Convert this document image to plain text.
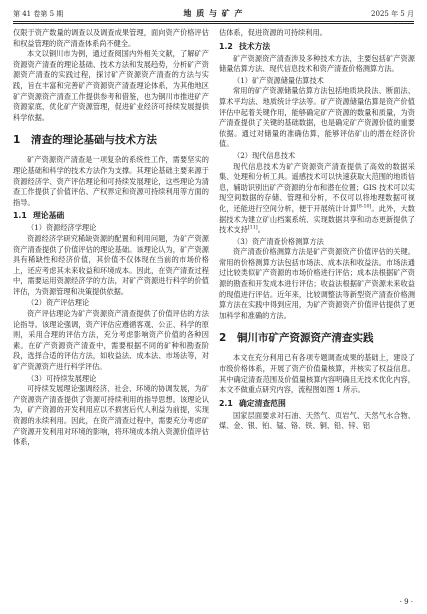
第 41 卷第 5 期	地 质 与 矿 产	2025 年 5 月

仅限于资产数量的调查以及调查成果管理，面向资产价格评估和权益管理的资产清查体系尚不健全。

本文以铜川市为例，通过查阅国内外相关文献，了解矿产资源资产清查的理论基础、技术方法和发展趋势，分析矿产资源资产清查的实践过程，探讨矿产资源资产清查的方法与实践，旨在丰富和完善矿产资源资产清查理论体系，为其他地区矿产资源资产清查工作提供参考和借鉴，也为铜川市推进矿产资源家底、优化矿产资源管理，促进矿业经济可持续发展提供科学依据。

1 清查的理论基础与技术方法

矿产资源资产清查是一项复杂的系统性工作，需要坚实的理论基础和科学的技术方法作为支撑。其理论基础主要来源于资源经济学、资产评估理论和可持续发展理论，这些理论为清查工作提供了价值评估、产权界定和资源可持续利用等方面的指导。

1.1 理论基础

（1）资源经济学理论

资源经济学研究稀缺资源的配置和利用问题，为矿产资源资产清查提供了价值评估的理论基础。该理论认为，矿产资源具有稀缺性和经济价值，其价值不仅体现在当前的市场价格上，还应考虑其未来收益和环境成本。因此，在资产清查过程中，需要运用资源经济学的方法，对矿产资源进行科学的价值评估，为资源管理和决策提供依据。

（2）资产评估理论

资产评估理论为矿产资源资产清查提供了价值评估的方法论指导。该理论强调，资产评估应遵循客观、公正、科学的原则，采用合理的评估方法，充分考虑影响资产价值的各种因素。在矿产资源资产清查中，需要根据不同的矿种和勘查阶段，选择合适的评估方法，如收益法、成本法、市场法等，对矿产资源资产进行科学评估。

（3）可持续发展理论

可持续发展理论强调经济、社会、环境的协调发展，为矿产资源资产清查提供了资源可持续利用的指导思想。该理论认为，矿产资源的开发利用应以不损害后代人利益为前提，实现资源的永续利用。因此，在资产清查过程中，需要充分考虑矿产资源开发利用对环境的影响，将环境成本纳入资源价值评估体系，

估体系，促进资源的可持续利用。

1.2 技术方法

矿产资源资产清查涉及多种技术方法，主要包括矿产资源储量估算方法、现代信息技术和资产清查价格测算方法。

（1）矿产资源储量估算技术

常用的矿产资源储量估算方法包括地质块段法、断面法、算术平均法、地质统计学法等。矿产资源储量估算是资产价值评估中起着关键作用，能够确定矿产资源的数量和质量，为资产清查提供了关键的基础数据，也是确定矿产资源价值的重要依据。通过对储量的准确估算，能够评估矿山的潜在经济价值。

（2）现代信息技术

现代信息技术为矿产资源资产清查提供了高效的数据采集、处理和分析工具。遥感技术可以快速获取大范围的地质信息，辅助识别出矿产资源的分布和潜在位置；GIS 技术可以实现空间数据的存储、管理和分析，不仅可以将地理数据可视化，还能进行空间分析，便于开展统计计算[8-10]。此外，大数据技术为建立矿山档案系统、实现数据共享和动态更新提供了技术支持[11]。

（3）资产清查价格测算方法

资产清查价格测算方法是矿产资源资产价值评估的关键。常用的价格测算方法包括市场法、成本法和收益法。市场法通过比较类似矿产资源的市场价格进行评估；成本法根据矿产资源的勘查和开发成本进行评估；收益法根据矿产资源未来收益的现值进行评估。近年来，比较调整法等新型资产清查价格测算方法在实践中得到应用，为矿产资源资产价值评估提供了更加科学和准确的方法。

2 铜川市矿产资源资产清查实践

本文在充分利用已有各项专题调查成果的基础上，建设了市级价格体系，开展了资产价值量核算，并核实了权益信息。其中确定清查范围及价值量核算内容明确且无技术优化内容，本文不做重点研究内容，流程图如图 1 所示。

2.1 确定清查范围

国家层面要求对石油、天然气、页岩气、天然气水合物、煤、金、银、铂、锰、铬、铁、铜、铅、锌、铝

· 9 ·
